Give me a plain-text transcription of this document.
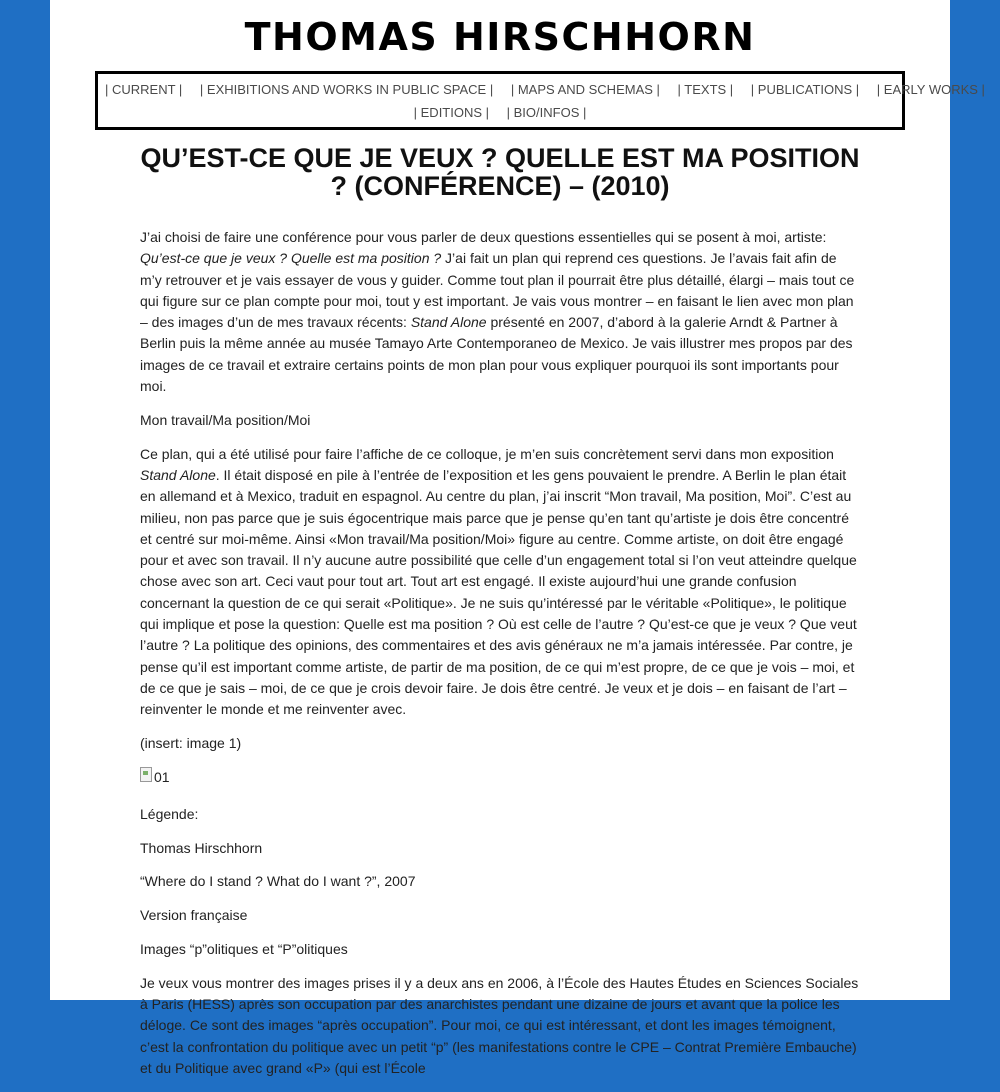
THOMAS HIRSCHHORN
| CURRENT | | EXHIBITIONS AND WORKS IN PUBLIC SPACE | | MAPS AND SCHEMAS | | TEXTS | | PUBLICATIONS | | EARLY WORKS |
| EDITIONS | | BIO/INFOS |
QU’EST-CE QUE JE VEUX ? QUELLE EST MA POSITION ? (CONFÉRENCE) – (2010)

J’ai choisi de faire une conférence pour vous parler de deux questions essentielles qui se posent à moi, artiste: Qu’est-ce que je veux ? Quelle est ma position ? J’ai fait un plan qui reprend ces questions. Je l’avais fait afin de m’y retrouver et je vais essayer de vous y guider. Comme tout plan il pourrait être plus détaillé, élargi – mais tout ce qui figure sur ce plan compte pour moi, tout y est important. Je vais vous montrer – en faisant le lien avec mon plan – des images d’un de mes travaux récents: Stand Alone présenté en 2007, d’abord à la galerie Arndt & Partner à Berlin puis la même année au musée Tamayo Arte Contemporaneo de Mexico. Je vais illustrer mes propos par des images de ce travail et extraire certains points de mon plan pour vous expliquer pourquoi ils sont importants pour moi.

Mon travail/Ma position/Moi

Ce plan, qui a été utilisé pour faire l’affiche de ce colloque, je m’en suis concrètement servi dans mon exposition Stand Alone. Il était disposé en pile à l’entrée de l’exposition et les gens pouvaient le prendre. A Berlin le plan était en allemand et à Mexico, traduit en espagnol. Au centre du plan, j’ai inscrit “Mon travail, Ma position, Moi”. C’est au milieu, non pas parce que je suis égocentrique mais parce que je pense qu’en tant qu’artiste je dois être concentré et centré sur moi-même. Ainsi «Mon travail/Ma position/Moi» figure au centre. Comme artiste, on doit être engagé pour et avec son travail. Il n’y aucune autre possibilité que celle d’un engagement total si l’on veut atteindre quelque chose avec son art. Ceci vaut pour tout art. Tout art est engagé. Il existe aujourd’hui une grande confusion concernant la question de ce qui serait «Politique». Je ne suis qu’intéressé par le véritable «Politique», le politique qui implique et pose la question: Quelle est ma position ? Où est celle de l’autre ? Qu’est-ce que je veux ? Que veut l’autre ? La politique des opinions, des commentaires et des avis généraux ne m’a jamais intéressée. Par contre, je pense qu’il est important comme artiste, de partir de ma position, de ce qui m’est propre, de ce que je vois – moi, et de ce que je sais – moi, de ce que je crois devoir faire. Je dois être centré. Je veux et je dois – en faisant de l’art – reinventer le monde et me reinventer avec.

(insert: image 1)

01

Légende:

Thomas Hirschhorn

“Where do I stand ? What do I want ?”, 2007

Version française

Images “p”olitiques et “P”olitiques

Je veux vous montrer des images prises il y a deux ans en 2006, à l’École des Hautes Études en Sciences Sociales à Paris (HESS) après son occupation par des anarchistes pendant une dizaine de jours et avant que la police les déloge. Ce sont des images “après occupation”. Pour moi, ce qui est intéressant, et dont les images témoignent, c’est la confrontation du politique avec un petit “p” (les manifestations contre le CPE – Contrat Première Embauche) et du Politique avec grand «P» (qui est l’École
